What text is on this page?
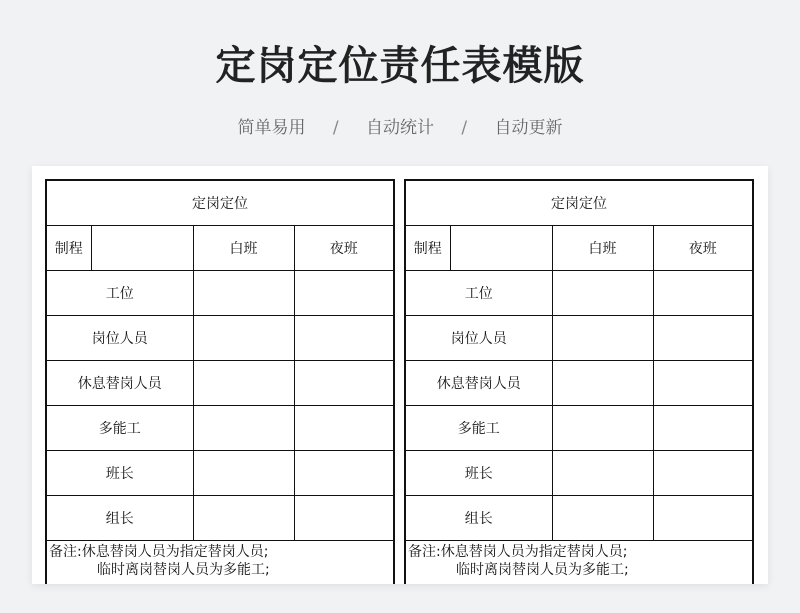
定岗定位责任表模版
简单易用 / 自动统计 / 自动更新
定岗定位			
制程		白班	夜班
工位			
岗位人员			
休息替岗人员			
多能工			
班长			
组长			
备注:休息替岗人员为指定替岗人员;
临时离岗替岗人员为多能工;
定岗定位			
制程		白班	夜班
工位			
岗位人员			
休息替岗人员			
多能工			
班长			
组长			
备注:休息替岗人员为指定替岗人员;
临时离岗替岗人员为多能工;
